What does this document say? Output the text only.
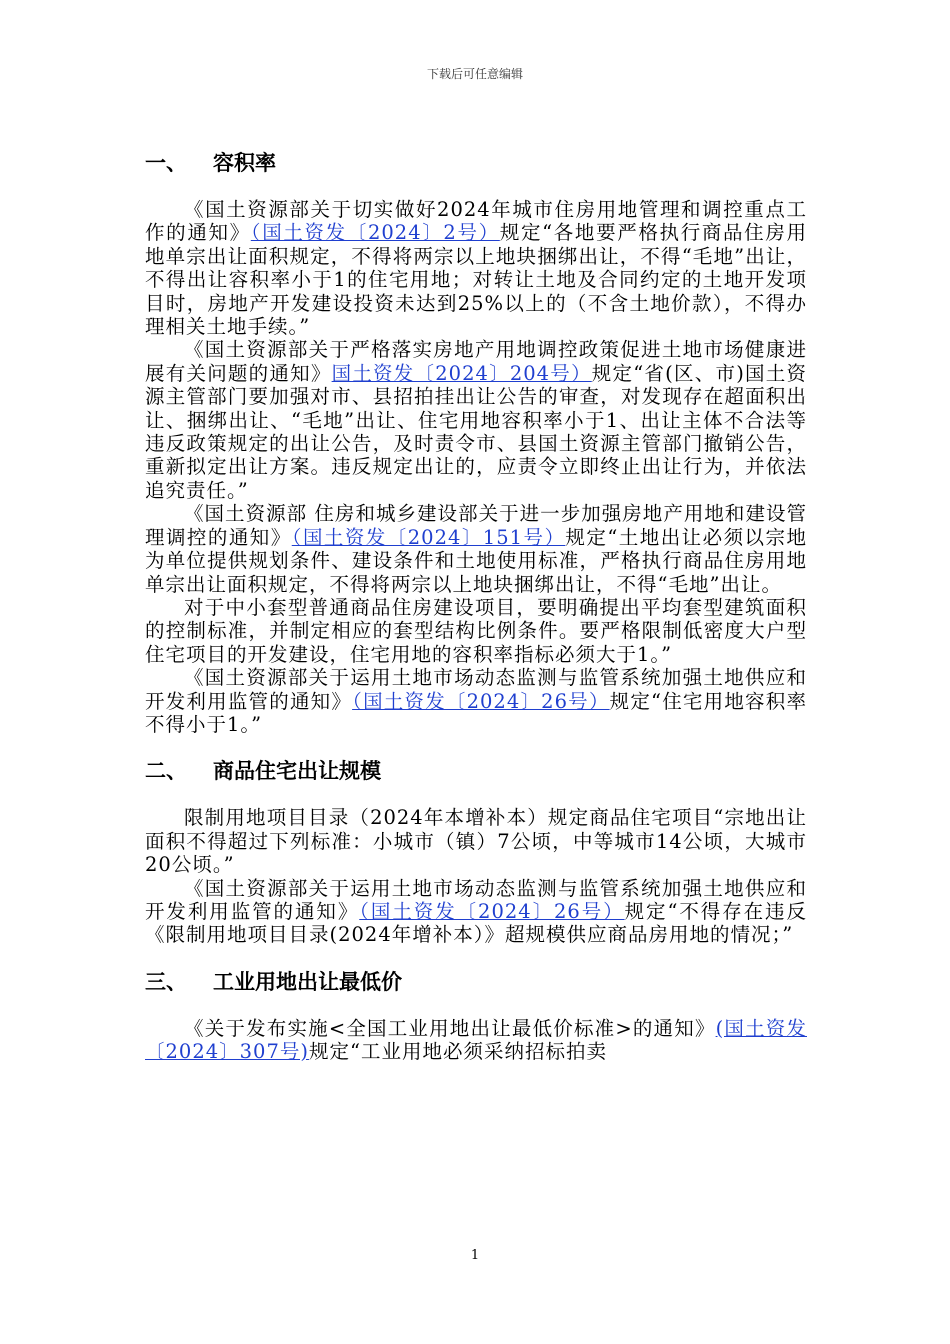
下载后可任意编辑
一、 容积率

《国土资源部关于切实做好2024年城市住房用地管理和调控重点工作的通知》（国土资发〔2024〕2号）规定“各地要严格执行商品住房用地单宗出让面积规定，不得将两宗以上地块捆绑出让，不得“毛地”出让，不得出让容积率小于1的住宅用地；对转让土地及合同约定的土地开发项目时，房地产开发建设投资未达到25%以上的（不含土地价款），不得办理相关土地手续。”

《国土资源部关于严格落实房地产用地调控政策促进土地市场健康进展有关问题的通知》国土资发〔2024〕204号）规定“省(区、市)国土资源主管部门要加强对市、县招拍挂出让公告的审查，对发现存在超面积出让、捆绑出让、“毛地”出让、住宅用地容积率小于1、出让主体不合法等违反政策规定的出让公告，及时责令市、县国土资源主管部门撤销公告，重新拟定出让方案。违反规定出让的，应责令立即终止出让行为，并依法追究责任。”

《国土资源部 住房和城乡建设部关于进一步加强房地产用地和建设管理调控的通知》（国土资发〔2024〕151号）规定“土地出让必须以宗地为单位提供规划条件、建设条件和土地使用标准，严格执行商品住房用地单宗出让面积规定，不得将两宗以上地块捆绑出让，不得“毛地”出让。

对于中小套型普通商品住房建设项目，要明确提出平均套型建筑面积的控制标准，并制定相应的套型结构比例条件。要严格限制低密度大户型住宅项目的开发建设，住宅用地的容积率指标必须大于1。”

《国土资源部关于运用土地市场动态监测与监管系统加强土地供应和开发利用监管的通知》（国土资发〔2024〕26号）规定“住宅用地容积率不得小于1。”

二、 商品住宅出让规模

限制用地项目目录（2024年本增补本）规定商品住宅项目“宗地出让面积不得超过下列标准：小城市（镇）7公顷，中等城市14公顷，大城市20公顷。”

《国土资源部关于运用土地市场动态监测与监管系统加强土地供应和开发利用监管的通知》（国土资发〔2024〕26号）规定“不得存在违反《限制用地项目目录(2024年增补本）》超规模供应商品房用地的情况；”

三、 工业用地出让最低价

《关于发布实施<全国工业用地出让最低价标准>的通知》(国土资发〔2024〕307号)规定“工业用地必须采纳招标拍卖

1
